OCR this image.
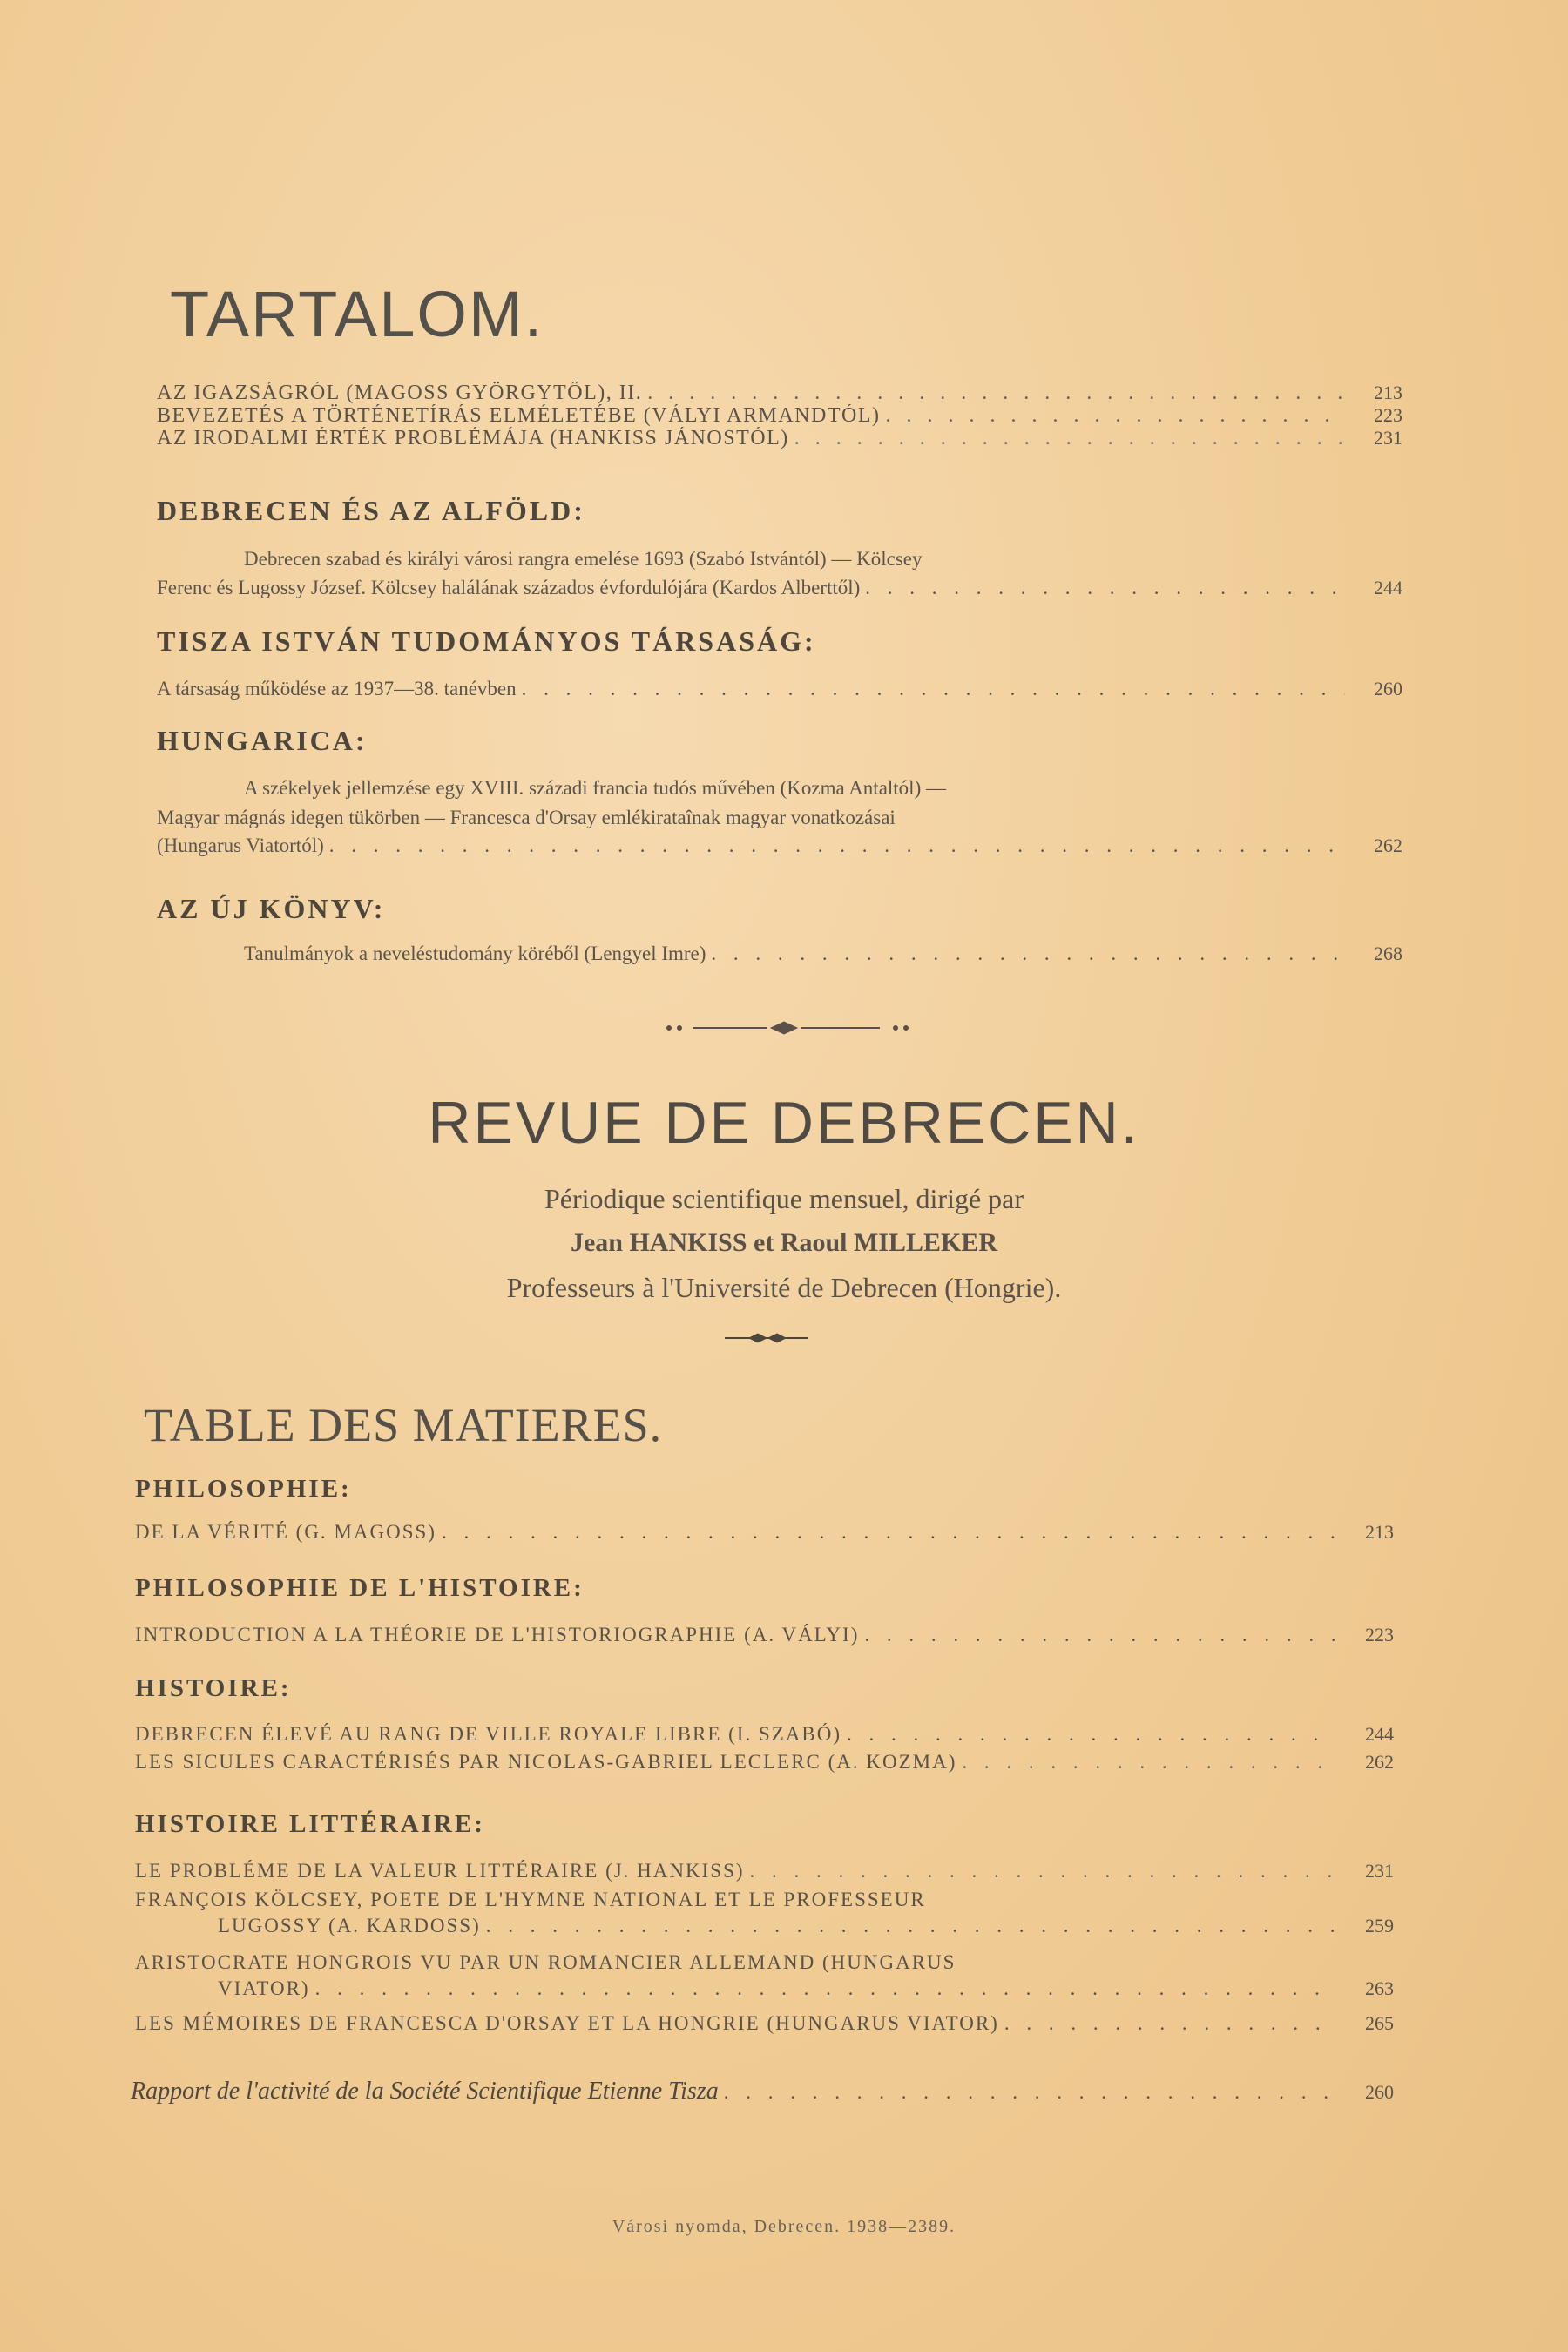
TARTALOM.
AZ IGAZSÁGRÓL (MAGOSS GYÖRGYTŐL), II. . . .	213
BEVEZETÉS A TÖRTÉNETÍRÁS ELMÉLETÉBE (VÁLYI ARMANDTÓL) . . .	223
AZ IRODALMI ÉRTÉK PROBLÉMÁJA (HANKISS JÁNOSTÓL) . . .	231
DEBRECEN ÉS AZ ALFÖLD:
Debrecen szabad és királyi városi rangra emelése 1693 (Szabó Istvántól) — Kölcsey
Ferenc és Lugossy József. Kölcsey halálának százados évfordulójára (Kardos Alberttől) . . .	244
TISZA ISTVÁN TUDOMÁNYOS TÁRSASÁG:
A társaság működése az 1937—38. tanévben . . .	260
HUNGARICA:
A székelyek jellemzése egy XVIII. századi francia tudós művében (Kozma Antaltól) —
Magyar mágnás idegen tükörben — Francesca d'Orsay emlékirataînak magyar vonatkozásai
(Hungarus Viatortól) . . .	262
AZ ÚJ KÖNYV:
Tanulmányok a neveléstudomány köréből (Lengyel Imre) . . .	268
REVUE DE DEBRECEN.
Périodique scientifique mensuel, dirigé par
Jean HANKISS et Raoul MILLEKER
Professeurs à l'Université de Debrecen (Hongrie).
TABLE DES MATIERES.
PHILOSOPHIE:
DE LA VÉRITÉ (G. MAGOSS) . . .	213
PHILOSOPHIE DE L'HISTOIRE:
INTRODUCTION A LA THÉORIE DE L'HISTORIOGRAPHIE (A. VÁLYI) . . .	223
HISTOIRE:
DEBRECEN ÉLEVÉ AU RANG DE VILLE ROYALE LIBRE (I. SZABÓ) . . .	244
LES SICULES CARACTÉRISÉS PAR NICOLAS-GABRIEL LECLERC (A. KOZMA) . . .	262
HISTOIRE LITTÉRAIRE:
LE PROBLÉME DE LA VALEUR LITTÉRAIRE (J. HANKISS) . . .	231
FRANÇOIS KÖLCSEY, POETE DE L'HYMNE NATIONAL ET LE PROFESSEUR
LUGOSSY (A. KARDOSS) . . .	259
ARISTOCRATE HONGROIS VU PAR UN ROMANCIER ALLEMAND (HUNGARUS
VIATOR) . . .	263
LES MÉMOIRES DE FRANCESCA D'ORSAY ET LA HONGRIE (HUNGARUS VIATOR) . . .	265
Rapport de l'activité de la Société Scientifique Etienne Tisza . . .	260
Városi nyomda, Debrecen. 1938—2389.
